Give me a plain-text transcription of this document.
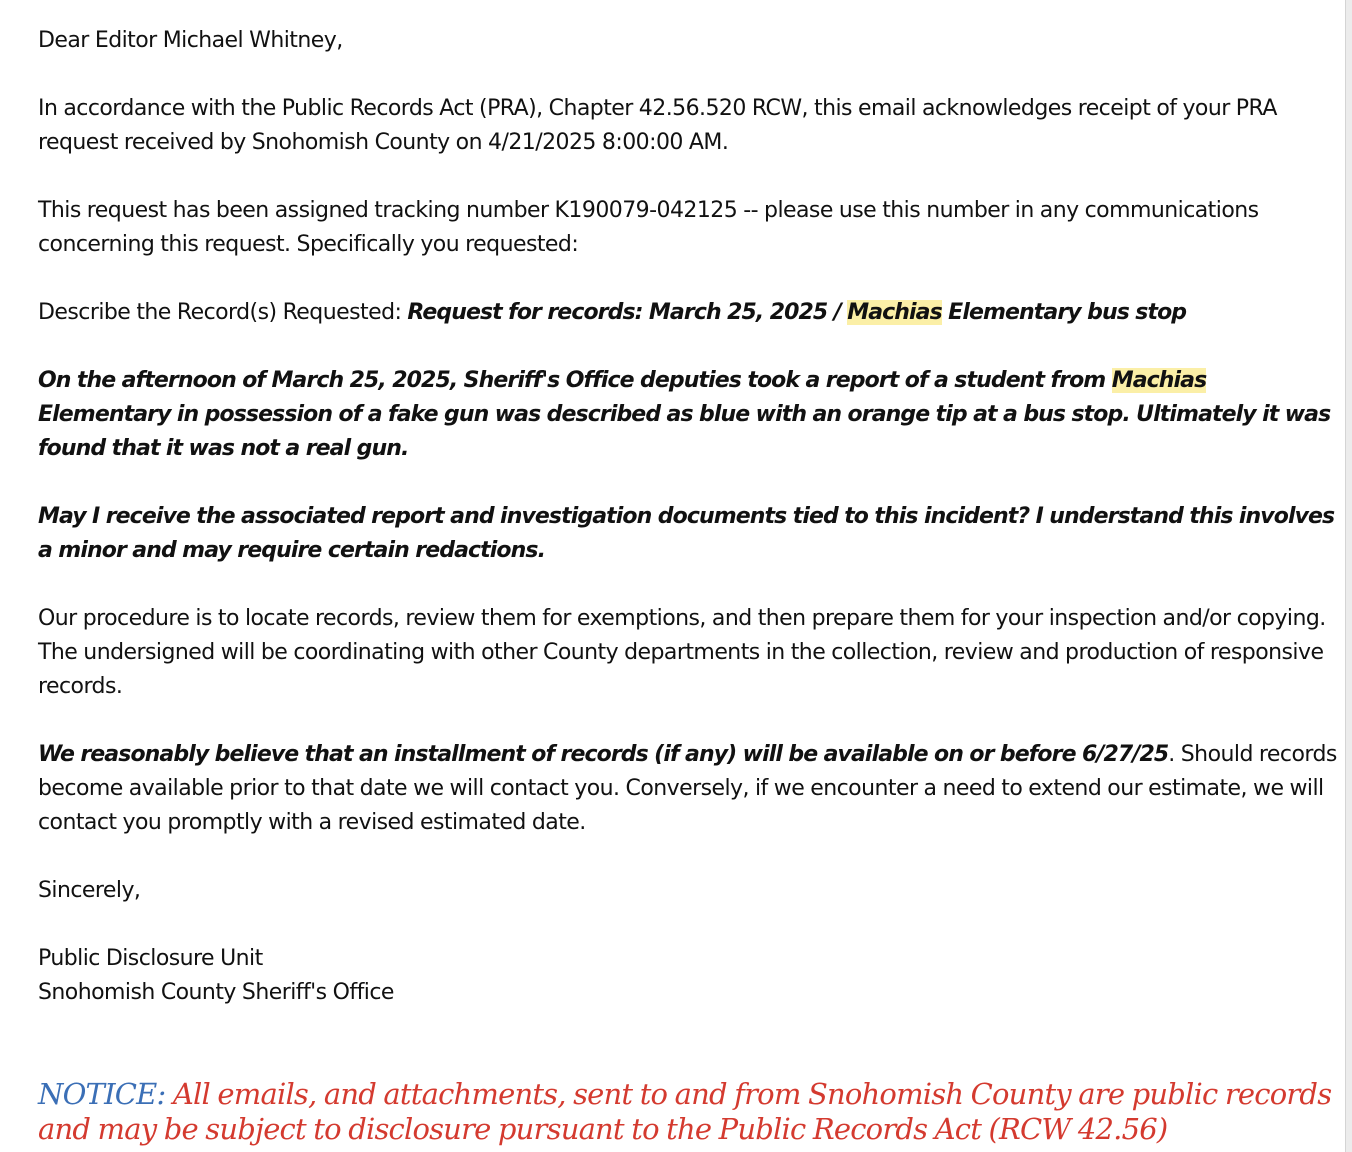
Dear Editor Michael Whitney,

In accordance with the Public Records Act (PRA), Chapter 42.56.520 RCW, this email acknowledges receipt of your PRA request received by Snohomish County on 4/21/2025 8:00:00 AM.

This request has been assigned tracking number K190079-042125 -- please use this number in any communications concerning this request. Specifically you requested:

Describe the Record(s) Requested: Request for records: March 25, 2025 / Machias Elementary bus stop

On the afternoon of March 25, 2025, Sheriff's Office deputies took a report of a student from Machias Elementary in possession of a fake gun was described as blue with an orange tip at a bus stop. Ultimately it was found that it was not a real gun.

May I receive the associated report and investigation documents tied to this incident? I understand this involves a minor and may require certain redactions.

Our procedure is to locate records, review them for exemptions, and then prepare them for your inspection and/or copying. The undersigned will be coordinating with other County departments in the collection, review and production of responsive records.

We reasonably believe that an installment of records (if any) will be available on or before 6/27/25. Should records become available prior to that date we will contact you. Conversely, if we encounter a need to extend our estimate, we will contact you promptly with a revised estimated date.

Sincerely,

Public Disclosure Unit
Snohomish County Sheriff's Office

NOTICE: All emails, and attachments, sent to and from Snohomish County are public records and may be subject to disclosure pursuant to the Public Records Act (RCW 42.56)
